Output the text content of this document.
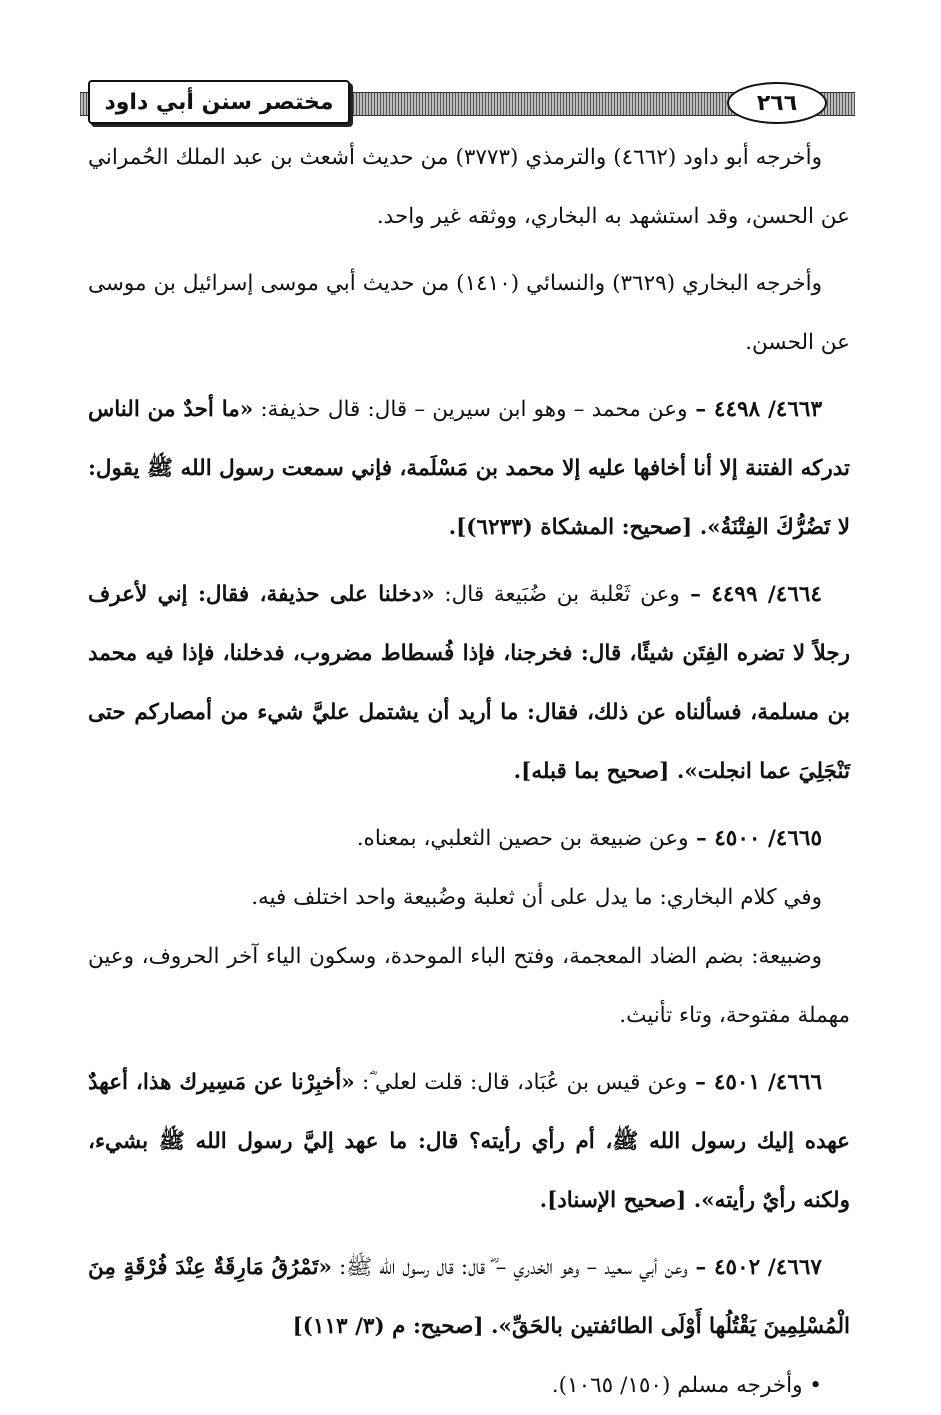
مختصر سنن أبي داود	٢٦٦

وأخرجه أبو داود (٤٦٦٢) والترمذي (٣٧٧٣) من حديث أشعث بن عبد الملك الحُمراني عن الحسن، وقد استشهد به البخاري، ووثقه غير واحد.

وأخرجه البخاري (٣٦٢٩) والنسائي (١٤١٠) من حديث أبي موسى إسرائيل بن موسى عن الحسن.

٤٦٦٣/ ٤٤٩٨ – وعن محمد – وهو ابن سيرين – قال: قال حذيفة: «ما أحدٌ من الناس تدركه الفتنة إلا أنا أخافها عليه إلا محمد بن مَسْلَمة، فإني سمعت رسول الله ﷺ يقول: لا تَضُرُّكَ الفِتْنَةُ». [صحيح: المشكاة (٦٢٣٣)].

٤٦٦٤/ ٤٤٩٩ – وعن ثَعْلبة بن ضُبَيعة قال: «دخلنا على حذيفة، فقال: إني لأعرف رجلاً لا تضره الفِتَن شيئًا، قال: فخرجنا، فإذا فُسطاط مضروب، فدخلنا، فإذا فيه محمد بن مسلمة، فسألناه عن ذلك، فقال: ما أريد أن يشتمل عليَّ شيء من أمصاركم حتى تَنْجَلِيَ عما انجلت». [صحيح بما قبله].

٤٦٦٥/ ٤٥٠٠ – وعن ضبيعة بن حصين الثعلبي، بمعناه.

وفي كلام البخاري: ما يدل على أن ثعلبة وضُبيعة واحد اختلف فيه.

وضبيعة: بضم الضاد المعجمة، وفتح الباء الموحدة، وسكون الياء آخر الحروف، وعين مهملة مفتوحة، وتاء تأنيث.

٤٦٦٦/ ٤٥٠١ – وعن قيس بن عُبَاد، قال: قلت لعلي ؓ: «أخبِرْنا عن مَسِيرك هذا، أعهدٌ عهده إليك رسول الله ﷺ، أم رأي رأيته؟ قال: ما عهد إليَّ رسول الله ﷺ بشيء، ولكنه رأيٌ رأيته». [صحيح الإسناد].

٤٦٦٧/ ٤٥٠٢ – وعن أبي سعيد – وهو الخدري – ؓ قال: قال رسول الله ﷺ: «تَمْرُقُ مَارِقَةٌ عِنْدَ فُرْقَةٍ مِنَ الْمُسْلِمِينَ يَقْتُلُها أَوْلَى الطائفتين بالحَقِّ». [صحيح: م (٣/ ١١٣)]

• وأخرجه مسلم (١٥٠/ ١٠٦٥).
